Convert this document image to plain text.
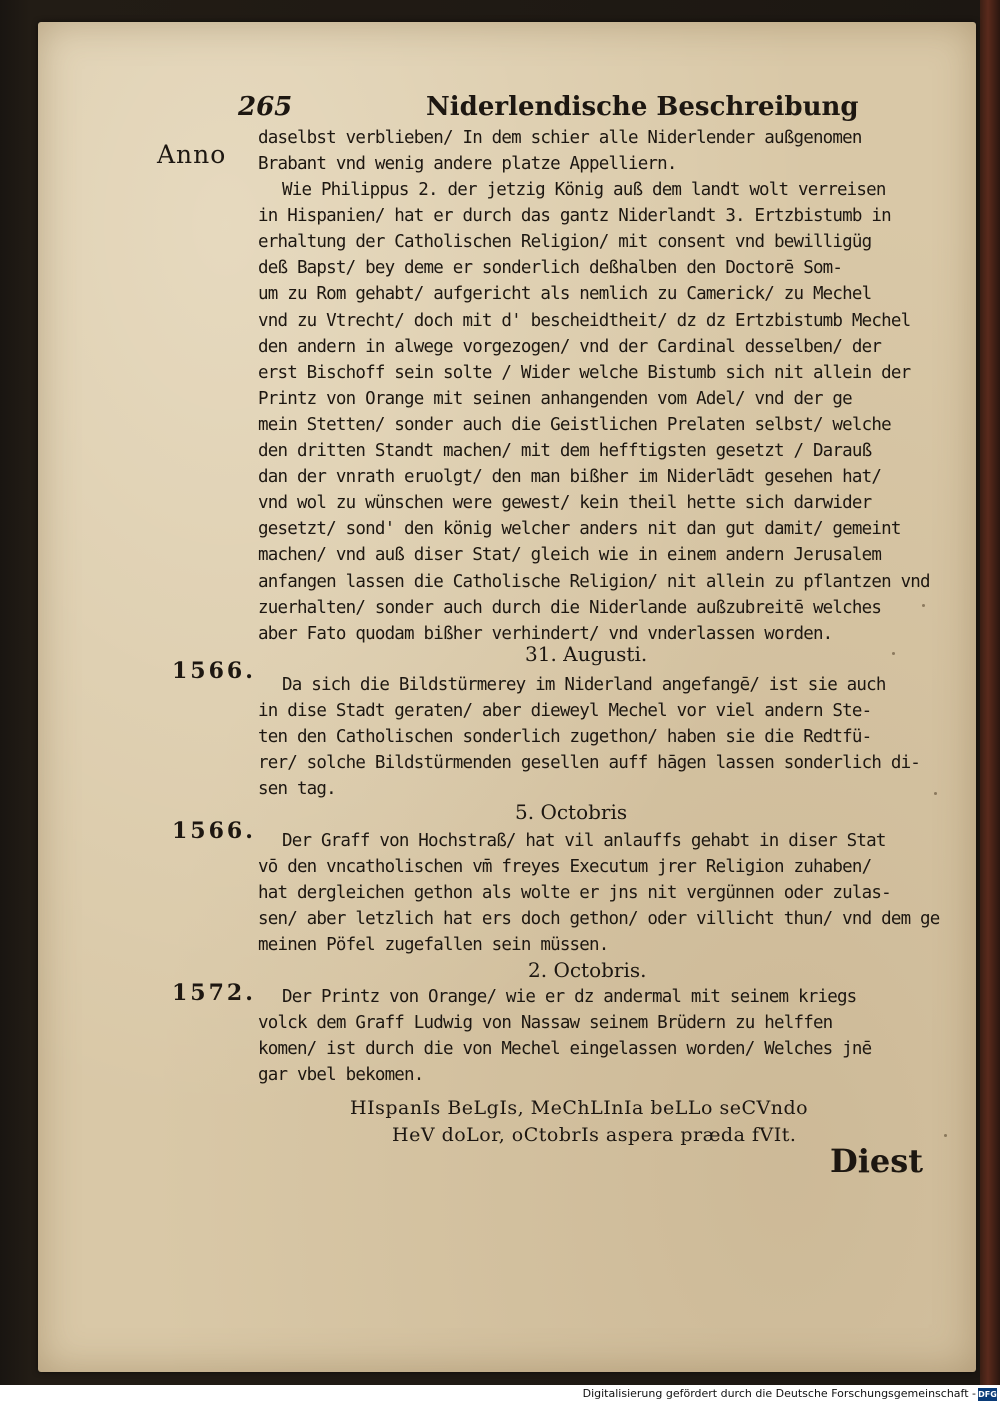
265	Niderlendische Beschreibung
Anno
daselbst verblieben/ In dem schier alle Niderlender außgenomen
Brabant vnd wenig andere platze Appelliern.
Wie Philippus 2. der jetzig König auß dem landt wolt verreisen
in Hispanien/ hat er durch das gantz Niderlandt 3. Ertzbistumb in
erhaltung der Catholischen Religion/ mit consent vnd bewilligüg
deß Bapst/ bey deme er sonderlich deßhalben den Doctorē Som-
um zu Rom gehabt/ aufgericht als nemlich zu Camerick/ zu Mechel
vnd zu Vtrecht/ doch mit d' bescheidtheit/ dz dz Ertzbistumb Mechel
den andern in alwege vorgezogen/ vnd der Cardinal desselben/ der
erst Bischoff sein solte / Wider welche Bistumb sich nit allein der
Printz von Orange mit seinen anhangenden vom Adel/ vnd der ge
mein Stetten/ sonder auch die Geistlichen Prelaten selbst/ welche
den dritten Standt machen/ mit dem hefftigsten gesetzt / Darauß
dan der vnrath eruolgt/ den man bißher im Niderlādt gesehen hat/
vnd wol zu wünschen were gewest/ kein theil hette sich darwider
gesetzt/ sond' den könig welcher anders nit dan gut damit/ gemeint
machen/ vnd auß diser Stat/ gleich wie in einem andern Jerusalem
anfangen lassen die Catholische Religion/ nit allein zu pflantzen vnd
zuerhalten/ sonder auch durch die Niderlande außzubreitē welches
aber Fato quodam bißher verhindert/ vnd vnderlassen worden.
Da sich die Bildstürmerey im Niderland angefangē/ ist sie auch
in dise Stadt geraten/ aber dieweyl Mechel vor viel andern Ste-
ten den Catholischen sonderlich zugethon/ haben sie die Redtfü-
rer/ solche Bildstürmenden gesellen auff hāgen lassen sonderlich di-
sen tag.
Der Graff von Hochstraß/ hat vil anlauffs gehabt in diser Stat
vō den vncatholischen vm̄ freyes Executum jrer Religion zuhaben/
hat dergleichen gethon als wolte er jns nit vergünnen oder zulas-
sen/ aber letzlich hat ers doch gethon/ oder villicht thun/ vnd dem ge
meinen Pöfel zugefallen sein müssen.
Der Printz von Orange/ wie er dz andermal mit seinem kriegs
volck dem Graff Ludwig von Nassaw seinem Brüdern zu helffen
komen/ ist durch die von Mechel eingelassen worden/ Welches jnē
gar vbel bekomen.
1566.
1566.
1572.
31. Augusti.
5. Octobris
2. Octobris.
HIspanIs BeLgIs, MeChLInIa beLLo seCVndo
HeV doLor, oCtobrIs aspera præda fVIt.
Diest
Digitalisierung gefördert durch die Deutsche Forschungsgemeinschaft - DFG
